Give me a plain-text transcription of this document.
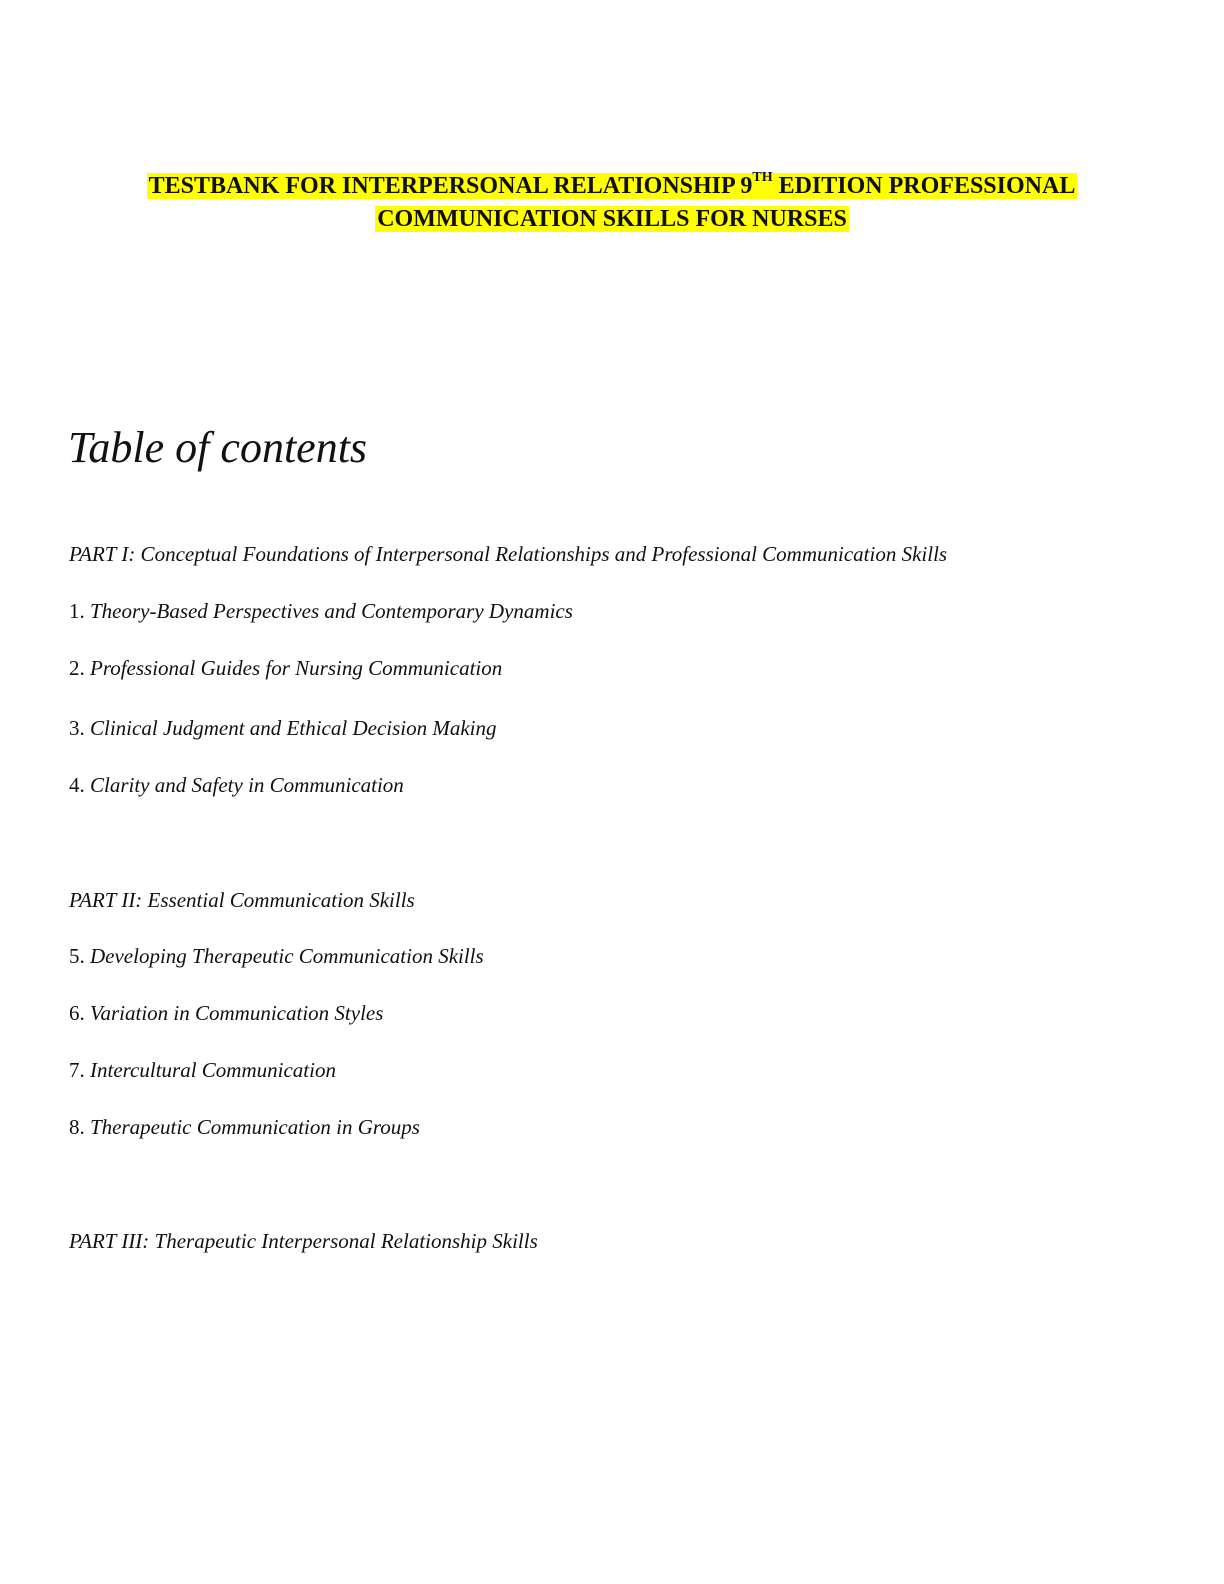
TESTBANK FOR INTERPERSONAL RELATIONSHIP 9TH EDITION PROFESSIONAL
COMMUNICATION SKILLS FOR NURSES
Table of contents

PART I: Conceptual Foundations of Interpersonal Relationships and Professional Communication Skills

1. Theory-Based Perspectives and Contemporary Dynamics

2. Professional Guides for Nursing Communication

3. Clinical Judgment and Ethical Decision Making

4. Clarity and Safety in Communication

PART II: Essential Communication Skills

5. Developing Therapeutic Communication Skills

6. Variation in Communication Styles

7. Intercultural Communication

8. Therapeutic Communication in Groups

PART III: Therapeutic Interpersonal Relationship Skills
